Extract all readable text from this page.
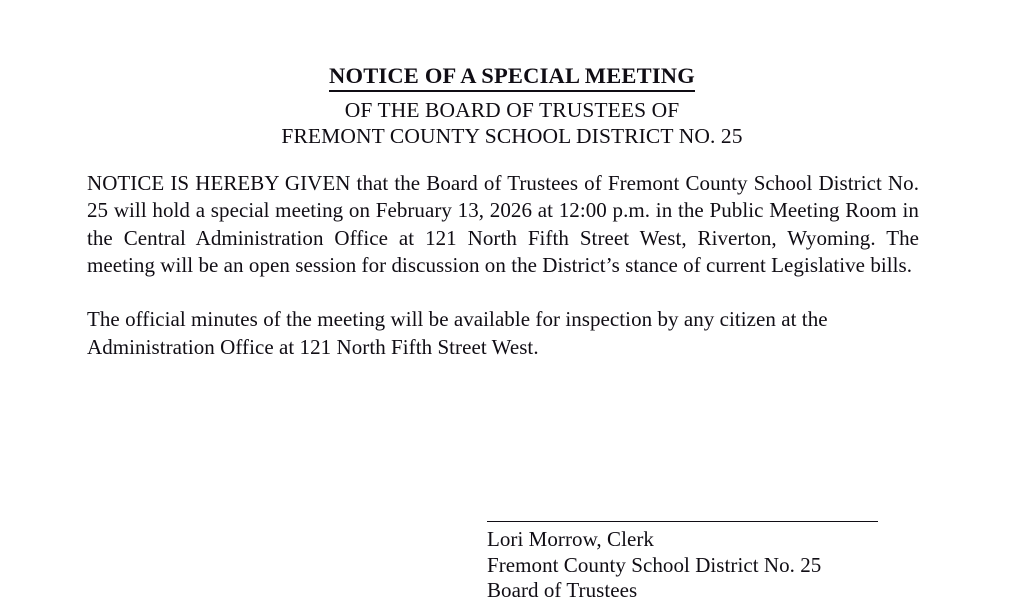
NOTICE OF A SPECIAL MEETING
OF THE BOARD OF TRUSTEES OF
FREMONT COUNTY SCHOOL DISTRICT NO. 25

NOTICE IS HEREBY GIVEN that the Board of Trustees of Fremont County School District No. 25 will hold a special meeting on February 13, 2026 at 12:00 p.m. in the Public Meeting Room in the Central Administration Office at 121 North Fifth Street West, Riverton, Wyoming. The meeting will be an open session for discussion on the District’s stance of current Legislative bills.

The official minutes of the meeting will be available for inspection by any citizen at the Administration Office at 121 North Fifth Street West.

Lori Morrow, Clerk
Fremont County School District No. 25
Board of Trustees
